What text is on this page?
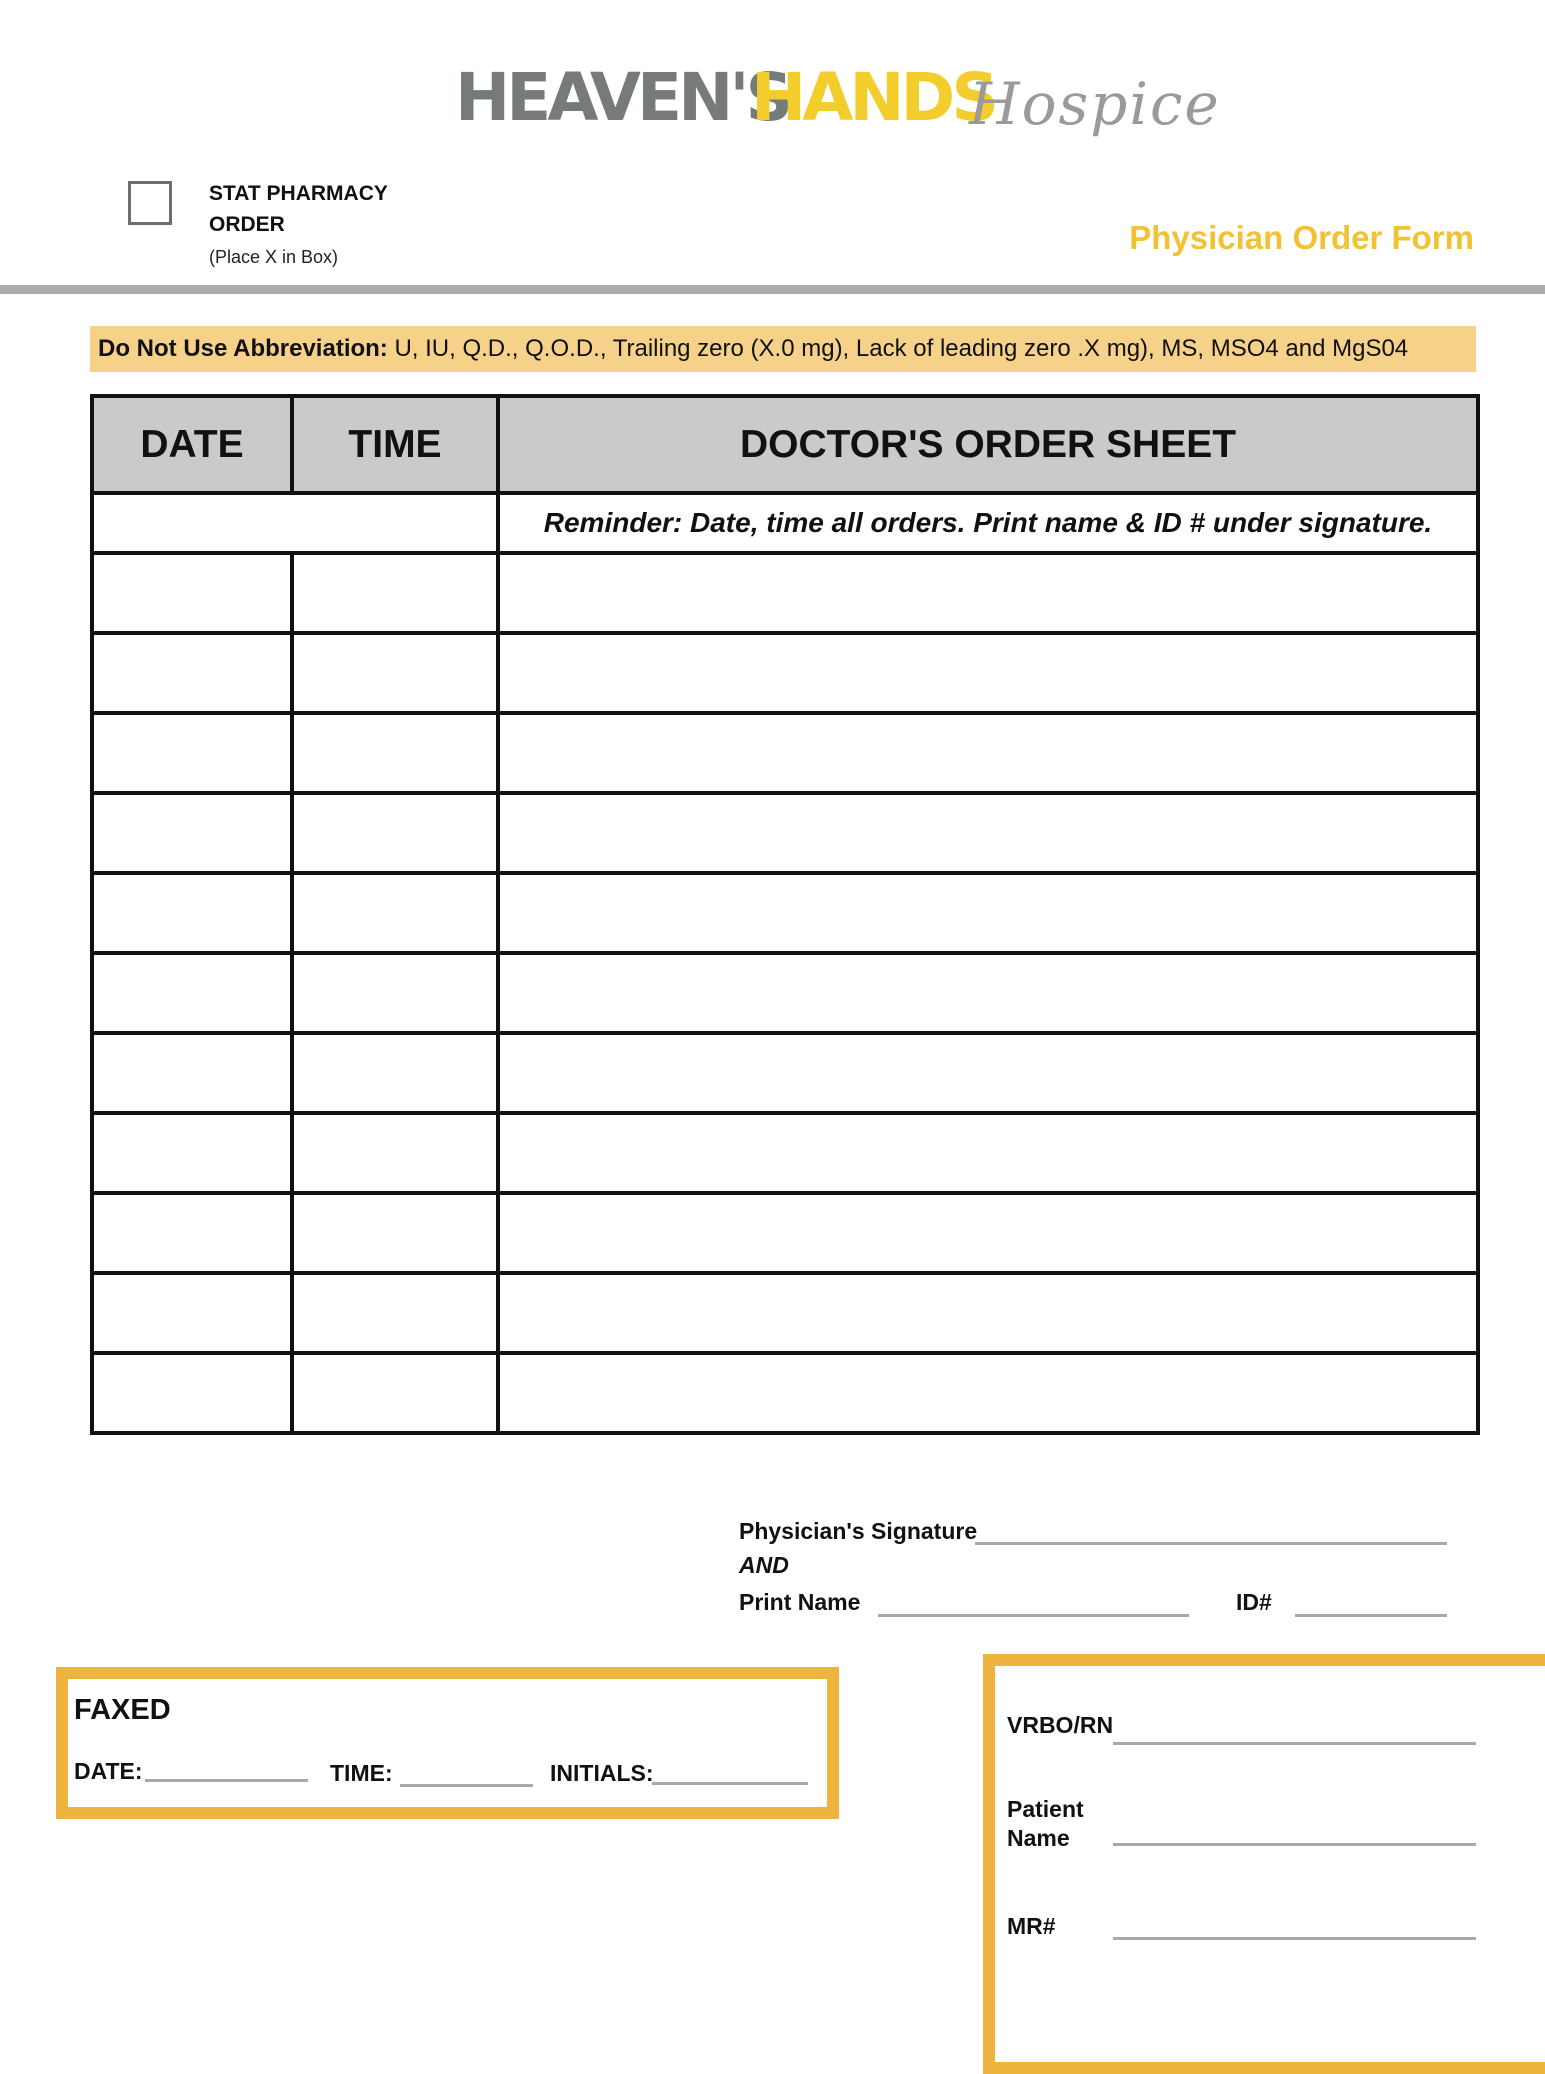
HEAVEN'S
HANDS
Hospice
STAT PHARMACY ORDER
(Place X in Box)
Physician Order Form
Do Not Use Abbreviation: U, IU, Q.D., Q.O.D., Trailing zero (X.0 mg), Lack of leading zero .X mg), MS, MSO4 and MgS04
DATE	TIME	DOCTOR'S ORDER SHEET
		Reminder: Date, time all orders. Print name & ID # under signature.

Physician's Signature
AND
Print Name	ID#
FAXED
DATE:	TIME:	INITIALS:
VRBO/RN
Patient Name
MR#
